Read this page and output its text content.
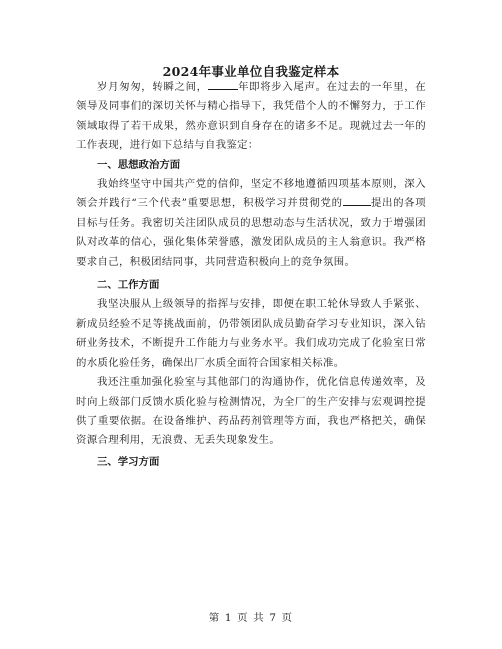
2024年事业单位自我鉴定样本

岁月匆匆，转瞬之间，	年即将步入尾声。在过去的一年里，在领导及同事们的深切关怀与精心指导下，我凭借个人的不懈努力，于工作领域取得了若干成果，然亦意识到自身存在的诸多不足。现就过去一年的工作表现，进行如下总结与自我鉴定：

一、思想政治方面

我始终坚守中国共产党的信仰，坚定不移地遵循四项基本原则，深入领会并践行“三个代表”重要思想，积极学习并贯彻党的	提出的各项目标与任务。我密切关注团队成员的思想动态与生活状况，致力于增强团队对改革的信心，强化集体荣誉感，激发团队成员的主人翁意识。我严格要求自己，积极团结同事，共同营造积极向上的竞争氛围。

二、工作方面

我坚决服从上级领导的指挥与安排，即便在职工轮休导致人手紧张、新成员经验不足等挑战面前，仍带领团队成员勤奋学习专业知识，深入钻研业务技术，不断提升工作能力与业务水平。我们成功完成了化验室日常的水质化验任务，确保出厂水质全面符合国家相关标准。

我还注重加强化验室与其他部门的沟通协作，优化信息传递效率，及时向上级部门反馈水质化验与检测情况，为全厂的生产安排与宏观调控提供了重要依据。在设备维护、药品药剂管理等方面，我也严格把关，确保资源合理利用，无浪费、无丢失现象发生。

三、学习方面

第 1 页 共 7 页
